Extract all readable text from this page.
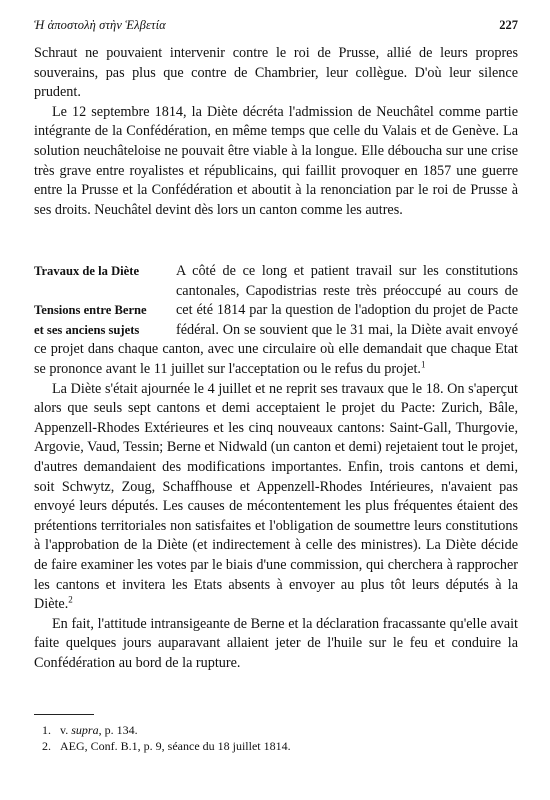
Ἡ ἀποστολὴ στὴν Ἑλβετία	227

Schraut ne pouvaient intervenir contre le roi de Prusse, allié de leurs propres souverains, pas plus que contre de Chambrier, leur collègue. D'où leur silence prudent.

Le 12 septembre 1814, la Diète décréta l'admission de Neuchâtel comme partie intégrante de la Confédération, en même temps que celle du Valais et de Genève. La solution neuchâteloise ne pouvait être viable à la longue. Elle déboucha sur une crise très grave entre royalistes et républicains, qui faillit provoquer en 1857 une guerre entre la Prusse et la Confédération et aboutit à la renonciation par le roi de Prusse à ses droits. Neuchâtel devint dès lors un canton comme les autres.

Travaux de la Diète
Tensions entre Berne
et ses anciens sujets

A côté de ce long et patient travail sur les constitutions cantonales, Capodistrias reste très préoccupé au cours de cet été 1814 par la question de l'adoption du projet de Pacte fédéral. On se souvient que le 31 mai, la Diète avait envoyé ce projet dans chaque canton, avec une circulaire où elle demandait que chaque Etat se prononce avant le 11 juillet sur l'acceptation ou le refus du projet.$^1$

La Diète s'était ajournée le 4 juillet et ne reprit ses travaux que le 18. On s'aperçut alors que seuls sept cantons et demi acceptaient le projet du Pacte: Zurich, Bâle, Appenzell-Rhodes Extérieures et les cinq nouveaux cantons: Saint-Gall, Thurgovie, Argovie, Vaud, Tessin; Berne et Nidwald (un canton et demi) rejetaient tout le projet, d'autres demandaient des modifications importantes. Enfin, trois cantons et demi, soit Schwytz, Zoug, Schaffhouse et Appenzell-Rhodes Intérieures, n'avaient pas envoyé leurs députés. Les causes de mécontentement les plus fréquentes étaient des prétentions territoriales non satisfaites et l'obligation de soumettre leurs constitutions à l'approbation de la Diète (et indirectement à celle des ministres). La Diète décide de faire examiner les votes par le biais d'une commission, qui cherchera à rapprocher les cantons et invitera les Etats absents à envoyer au plus tôt leurs députés à la Diète.$^2$

En fait, l'attitude intransigeante de Berne et la déclaration fracassante qu'elle avait faite quelques jours auparavant allaient jeter de l'huile sur le feu et conduire la Confédération au bord de la rupture.

1. v. supra, p. 134.
2. AEG, Conf. B.1, p. 9, séance du 18 juillet 1814.
